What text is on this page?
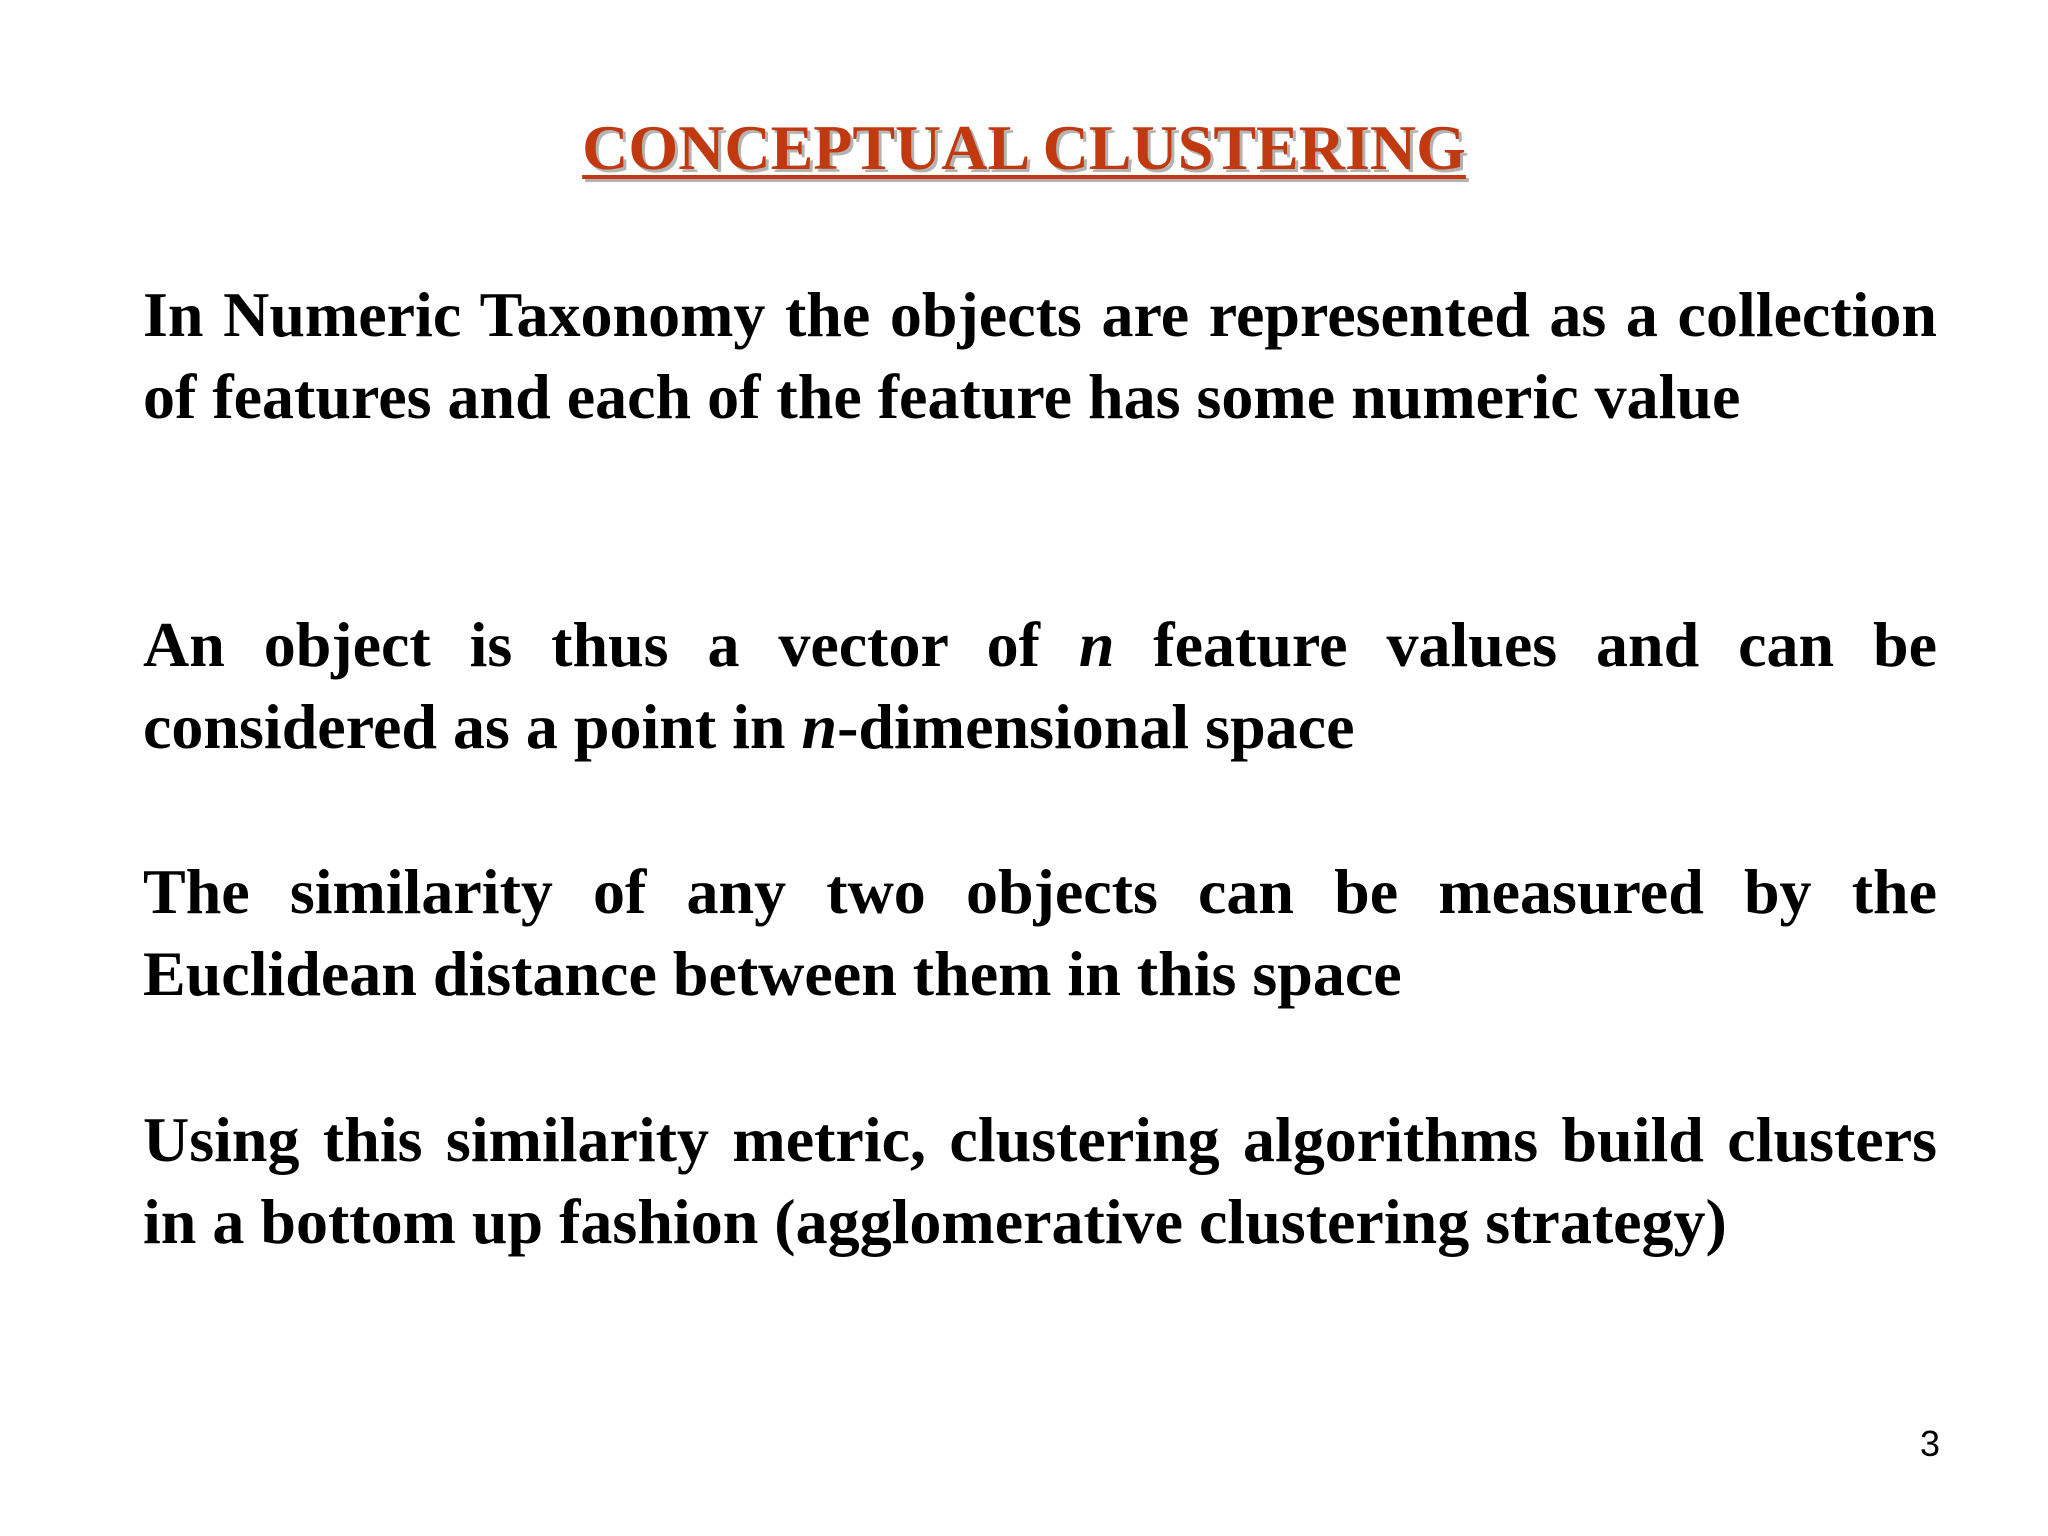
CONCEPTUAL CLUSTERING

In Numeric Taxonomy the objects are represented as a collection of features and each of the feature has some numeric value

An object is thus a vector of n feature values and can be considered as a point in n-dimensional space

The similarity of any two objects can be measured by the Euclidean distance between them in this space

Using this similarity metric, clustering algorithms build clusters in a bottom up fashion (agglomerative clustering strategy)

3
